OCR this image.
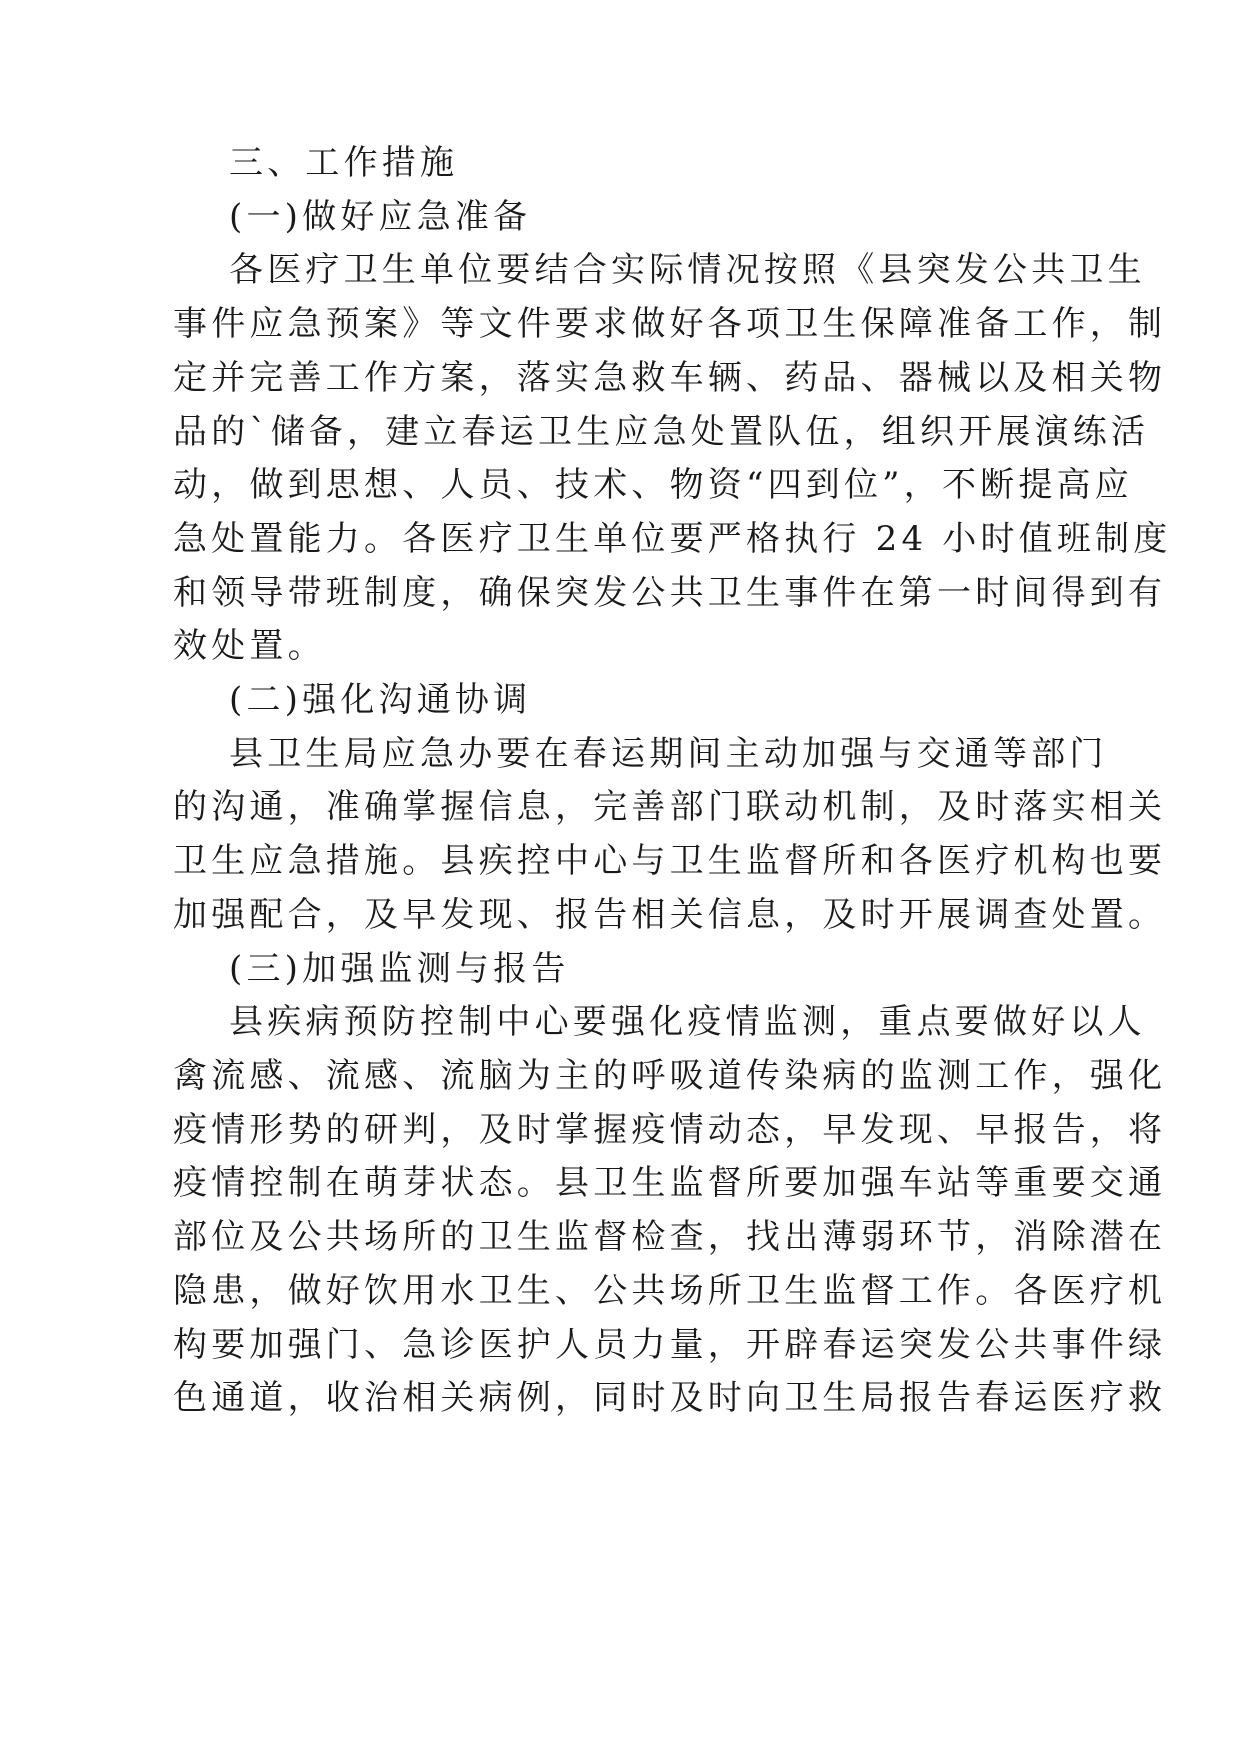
三、工作措施
(一)做好应急准备
各医疗卫生单位要结合实际情况按照《县突发公共卫生
事件应急预案》等文件要求做好各项卫生保障准备工作，制
定并完善工作方案，落实急救车辆、药品、器械以及相关物
品的`储备，建立春运卫生应急处置队伍，组织开展演练活
动，做到思想、人员、技术、物资“四到位”，不断提高应
急处置能力。各医疗卫生单位要严格执行 24 小时值班制度
和领导带班制度，确保突发公共卫生事件在第一时间得到有
效处置。
(二)强化沟通协调
县卫生局应急办要在春运期间主动加强与交通等部门
的沟通，准确掌握信息，完善部门联动机制，及时落实相关
卫生应急措施。县疾控中心与卫生监督所和各医疗机构也要
加强配合，及早发现、报告相关信息，及时开展调查处置。
(三)加强监测与报告
县疾病预防控制中心要强化疫情监测，重点要做好以人
禽流感、流感、流脑为主的呼吸道传染病的监测工作，强化
疫情形势的研判，及时掌握疫情动态，早发现、早报告，将
疫情控制在萌芽状态。县卫生监督所要加强车站等重要交通
部位及公共场所的卫生监督检查，找出薄弱环节，消除潜在
隐患，做好饮用水卫生、公共场所卫生监督工作。各医疗机
构要加强门、急诊医护人员力量，开辟春运突发公共事件绿
色通道，收治相关病例，同时及时向卫生局报告春运医疗救
